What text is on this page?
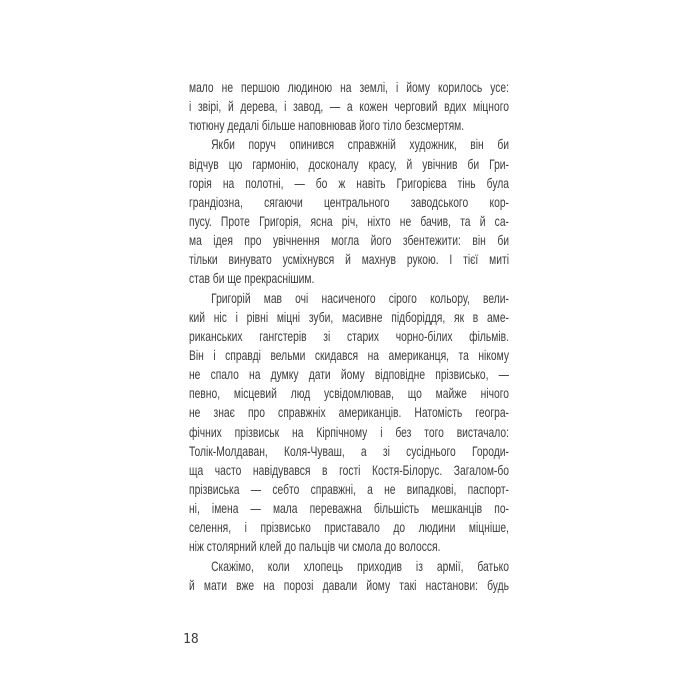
мало не першою людиною на землі, і йому корилось усе:
і звірі, й дерева, і завод, — а кожен черговий вдих міцного
тютюну дедалі більше наповнював його тіло безсмертям.
Якби поруч опинився справжній художник, він би
відчув цю гармонію, досконалу красу, й увічнив би Гри-
горія на полотні, — бо ж навіть Григорієва тінь була
грандіозна, сягаючи центрального заводського кор-
пусу. Проте Григорія, ясна річ, ніхто не бачив, та й са-
ма ідея про увічнення могла його збентежити: він би
тільки винувато усміхнувся й махнув рукою. І тієї миті
став би ще прекраснішим.
Григорій мав очі насиченого сірого кольору, вели-
кий ніс і рівні міцні зуби, масивне підборіддя, як в аме-
риканських гангстерів зі старих чорно-білих фільмів.
Він і справді вельми скидався на американця, та нікому
не спало на думку дати йому відповідне прізвисько, —
певно, місцевий люд усвідомлював, що майже нічого
не знає про справжніх американців. Натомість геогра-
фічних прізвиськ на Кірпічному і без того вистачало:
Толік-Молдаван, Коля-Чуваш, а зі сусіднього Городи-
ща часто навідувався в гості Костя-Білорус. Загалом-бо
прізвиська — себто справжні, а не випадкові, паспорт-
ні, імена — мала переважна більшість мешканців по-
селення, і прізвисько приставало до людини міцніше,
ніж столярний клей до пальців чи смола до волосся.
Скажімо, коли хлопець приходив із армії, батько
й мати вже на порозі давали йому такі настанови: будь
18
